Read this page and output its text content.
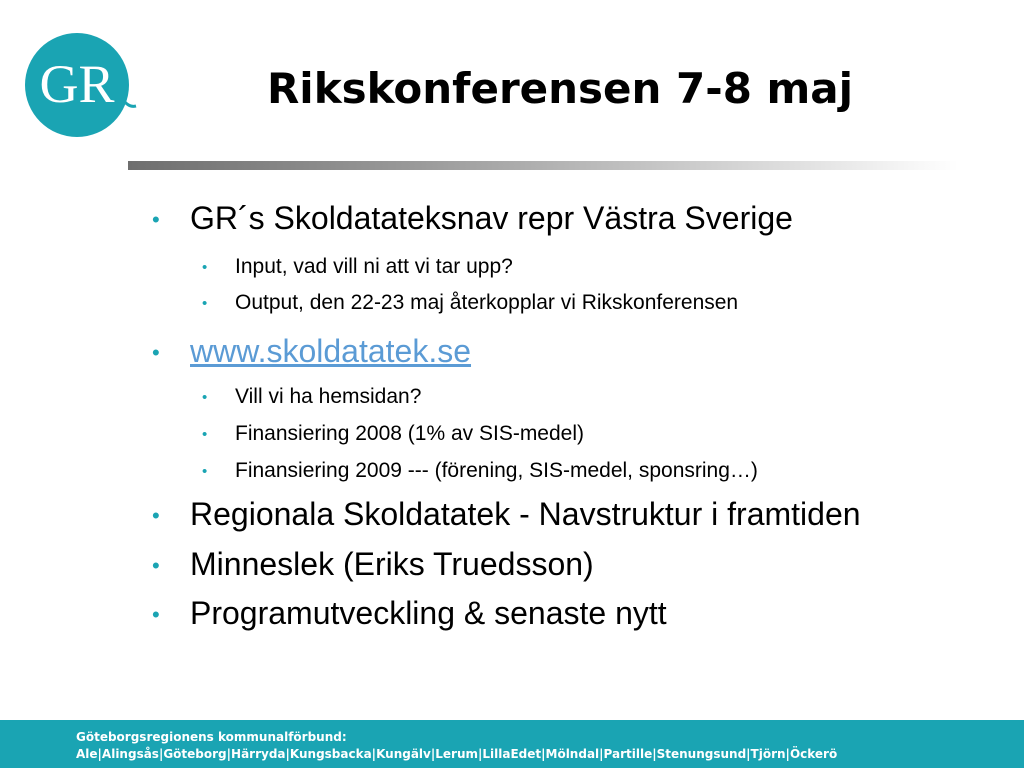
GR	Rikskonferensen 7-8 maj
• GR´s Skoldatateksnav repr Västra Sverige
• Input, vad vill ni att vi tar upp?
• Output, den 22-23 maj återkopplar vi Rikskonferensen
• www.skoldatatek.se
• Vill vi ha hemsidan?
• Finansiering 2008 (1% av SIS-medel)
• Finansiering 2009 --- (förening, SIS-medel, sponsring…)
• Regionala Skoldatatek - Navstruktur i framtiden
• Minneslek (Eriks Truedsson)
• Programutveckling & senaste nytt
Göteborgsregionens kommunalförbund:
Ale|Alingsås|Göteborg|Härryda|Kungsbacka|Kungälv|Lerum|LillaEdet|Mölndal|Partille|Stenungsund|Tjörn|Öckerö
